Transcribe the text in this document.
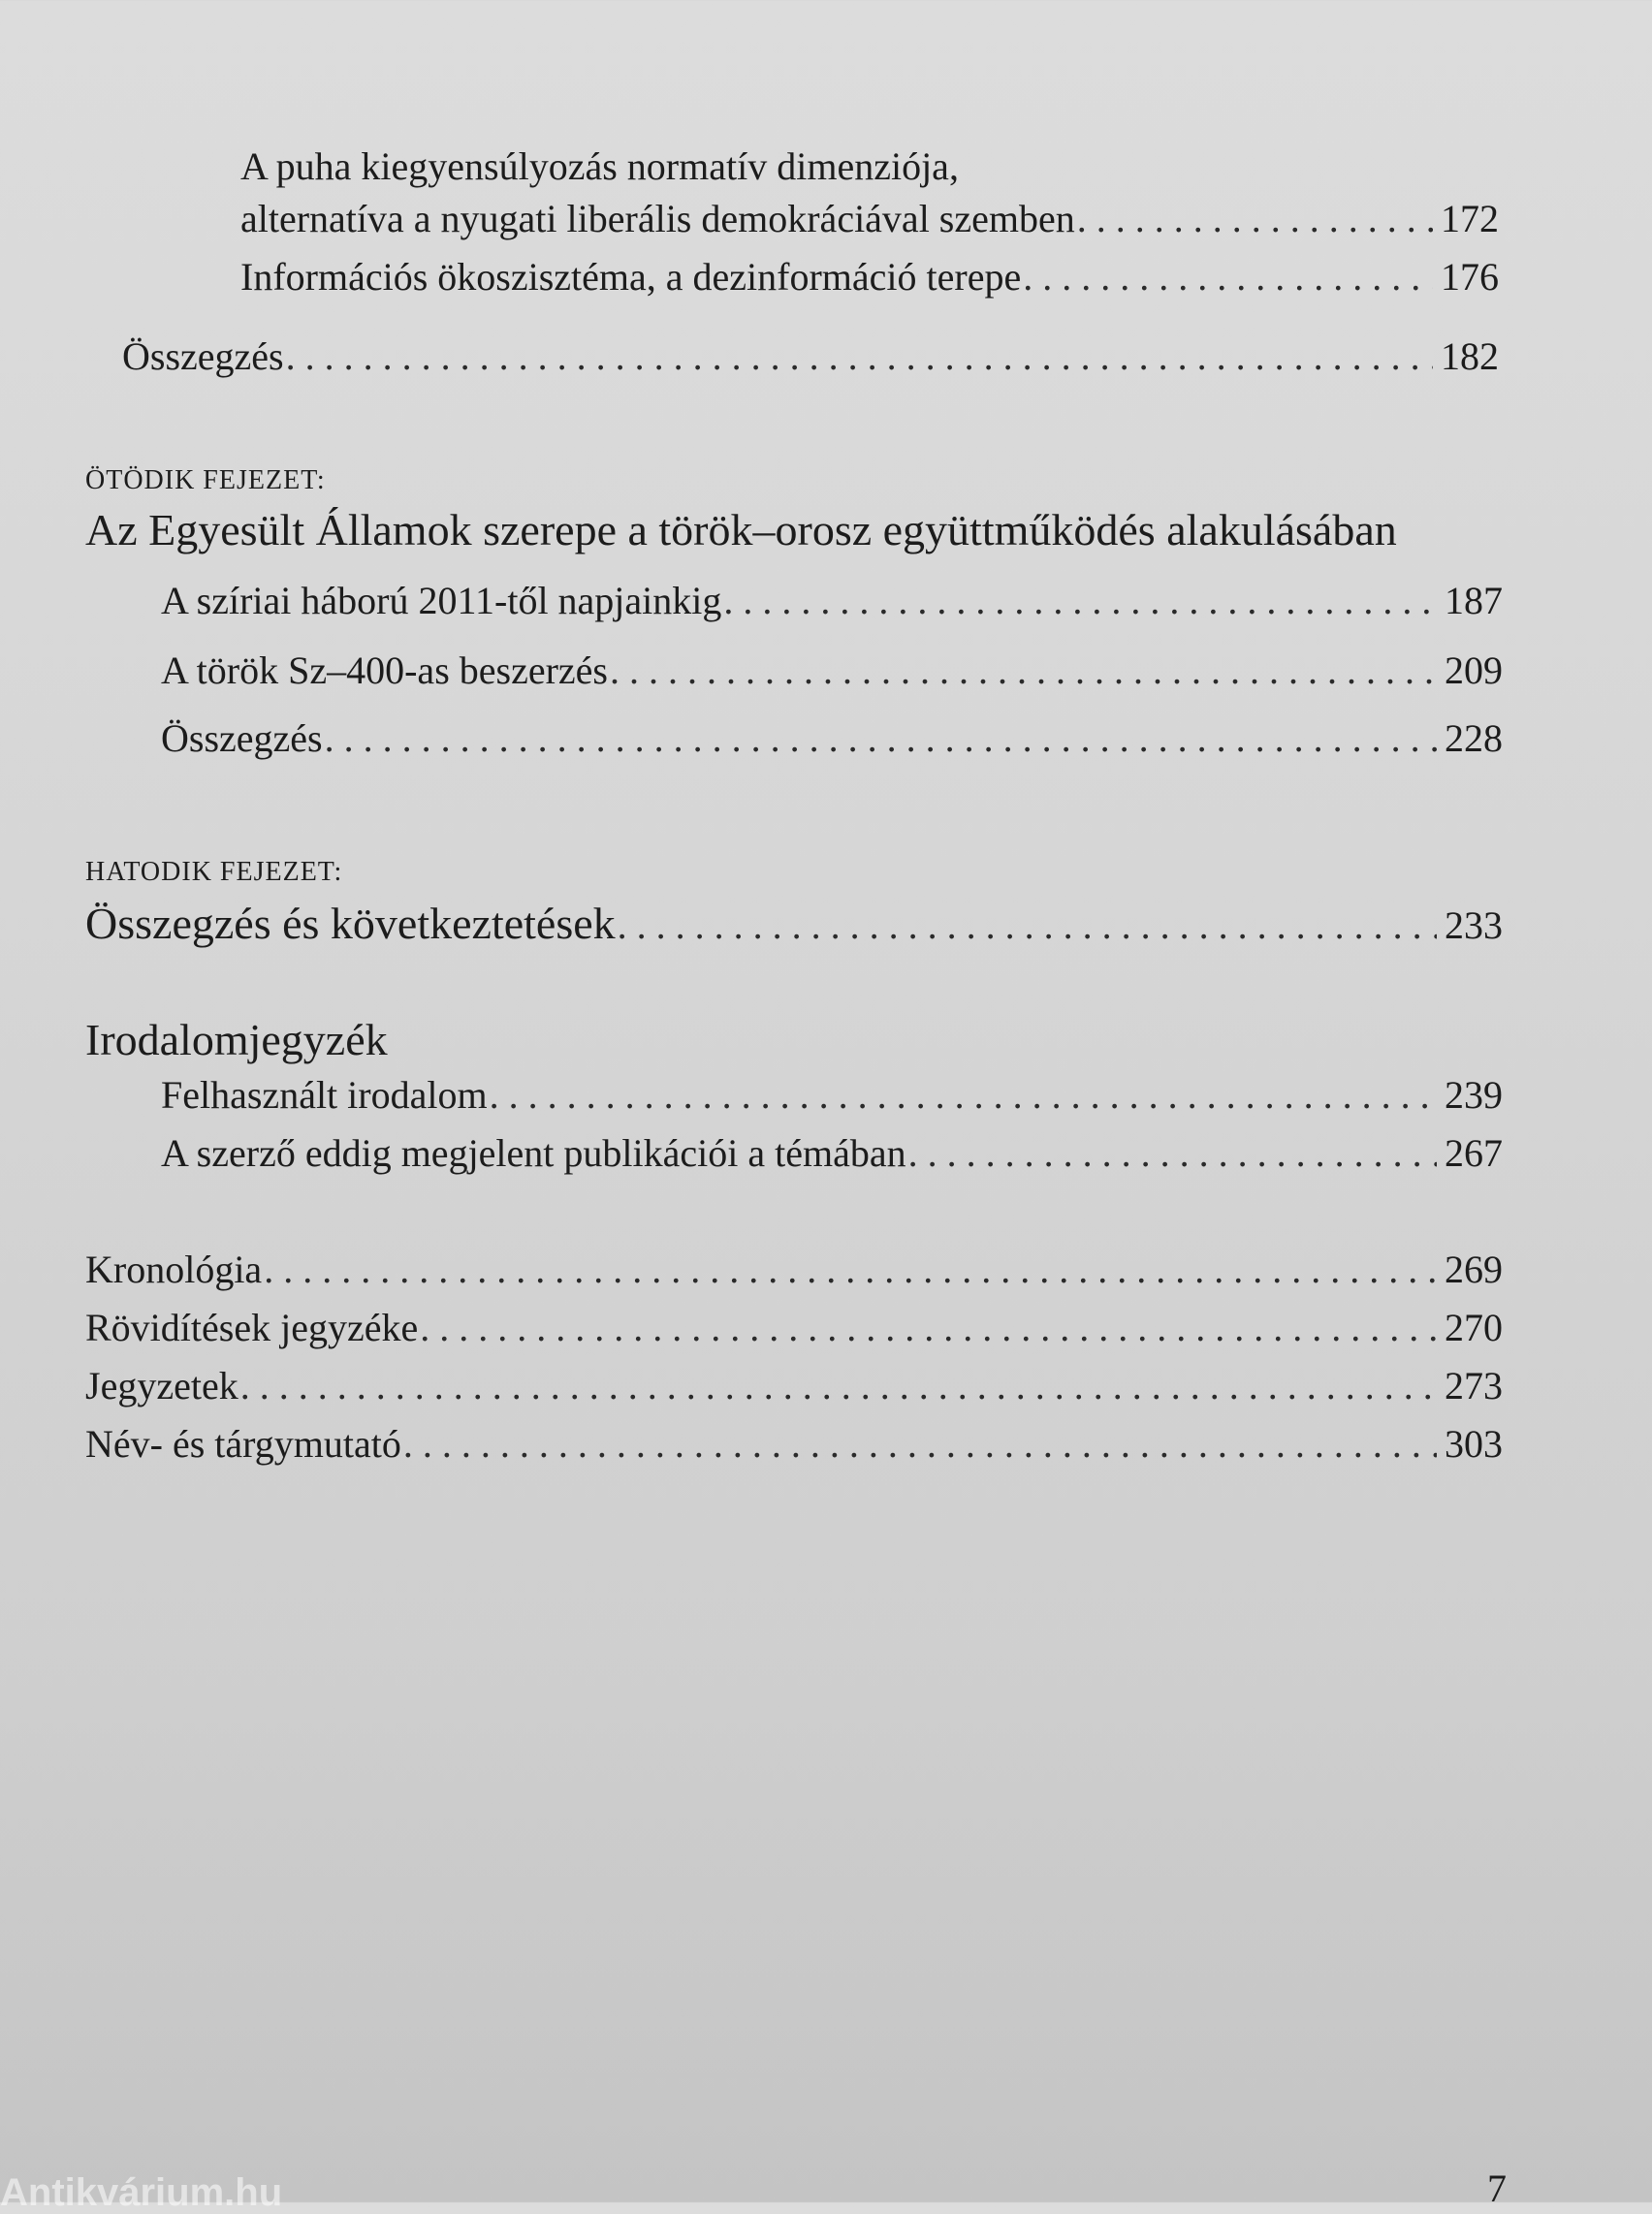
A puha kiegyensúlyozás normatív dimenziója,
alternatíva a nyugati liberális demokráciával szemben . . .	172
Információs ökoszisztéma, a dezinformáció terepe . . .	176
Összegzés . . .	182
ÖTÖDIK FEJEZET:
Az Egyesült Államok szerepe a török–orosz együttműködés alakulásában
A szíriai háború 2011-től napjainkig . . .	187
A török Sz–400-as beszerzés . . .	209
Összegzés . . .	228
HATODIK FEJEZET:
Összegzés és következtetések . . .	233
Irodalomjegyzék
Felhasznált irodalom . . .	239
A szerző eddig megjelent publikációi a témában . . .	267
Kronológia . . .	269
Rövidítések jegyzéke . . .	270
Jegyzetek . . .	273
Név- és tárgymutató . . .	303
7
Antikvárium.hu
